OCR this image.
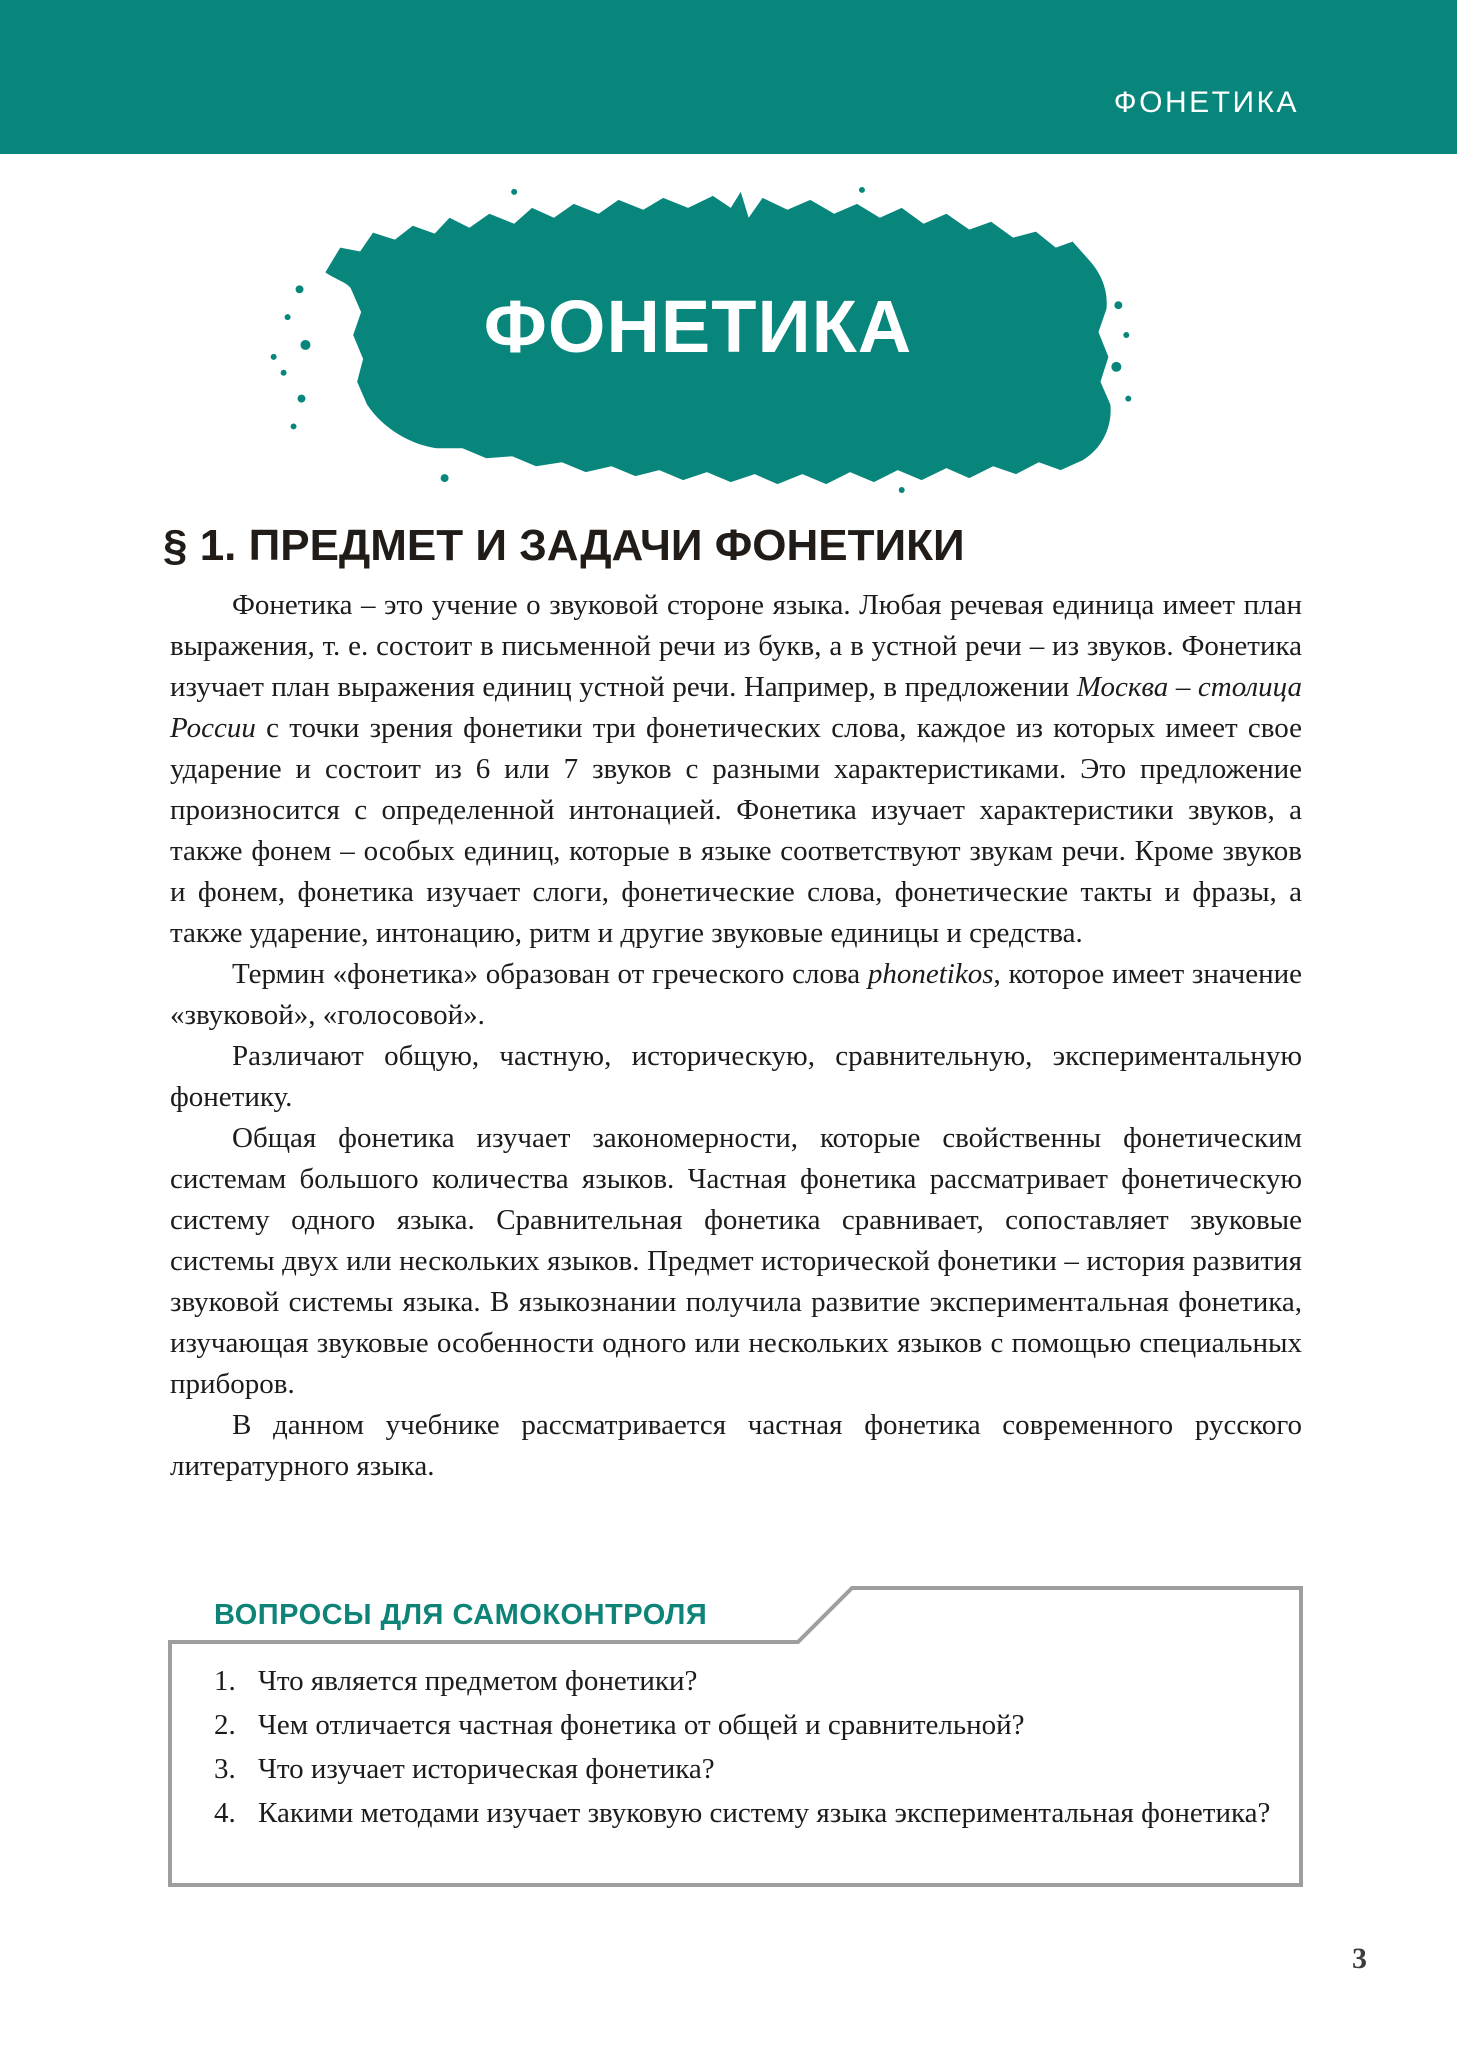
ФОНЕТИКА
ФОНЕТИКА
§ 1. ПРЕДМЕТ И ЗАДАЧИ ФОНЕТИКИ

Фонетика – это учение о звуковой стороне языка. Любая речевая единица имеет план выражения, т. е. состоит в письменной речи из букв, а в устной речи – из звуков. Фонетика изучает план выражения единиц устной речи. Например, в предложении Москва – столица России с точки зрения фонетики три фонетических слова, каждое из которых имеет свое ударение и состоит из 6 или 7 звуков с разными характеристиками. Это предложение произносится с определенной интонацией. Фонетика изучает характеристики звуков, а также фонем – особых единиц, которые в языке соответствуют звукам речи. Кроме звуков и фонем, фонетика изучает слоги, фонетические слова, фонетические такты и фразы, а также ударение, интонацию, ритм и другие звуковые единицы и средства.

Термин «фонетика» образован от греческого слова phonetikos, которое имеет значение «звуковой», «голосовой».

Различают общую, частную, историческую, сравнительную, экспериментальную фонетику.

Общая фонетика изучает закономерности, которые свойственны фонетическим системам большого количества языков. Частная фонетика рассматривает фонетическую систему одного языка. Сравнительная фонетика сравнивает, сопоставляет звуковые системы двух или нескольких языков. Предмет исторической фонетики – история развития звуковой системы языка. В языкознании получила развитие экспериментальная фонетика, изучающая звуковые особенности одного или нескольких языков с помощью специальных приборов.

В данном учебнике рассматривается частная фонетика современного русского литературного языка.

ВОПРОСЫ ДЛЯ САМОКОНТРОЛЯ
1. Что является предметом фонетики?
2. Чем отличается частная фонетика от общей и сравнительной?
3. Что изучает историческая фонетика?
4. Какими методами изучает звуковую систему языка экспериментальная фонетика?
3
